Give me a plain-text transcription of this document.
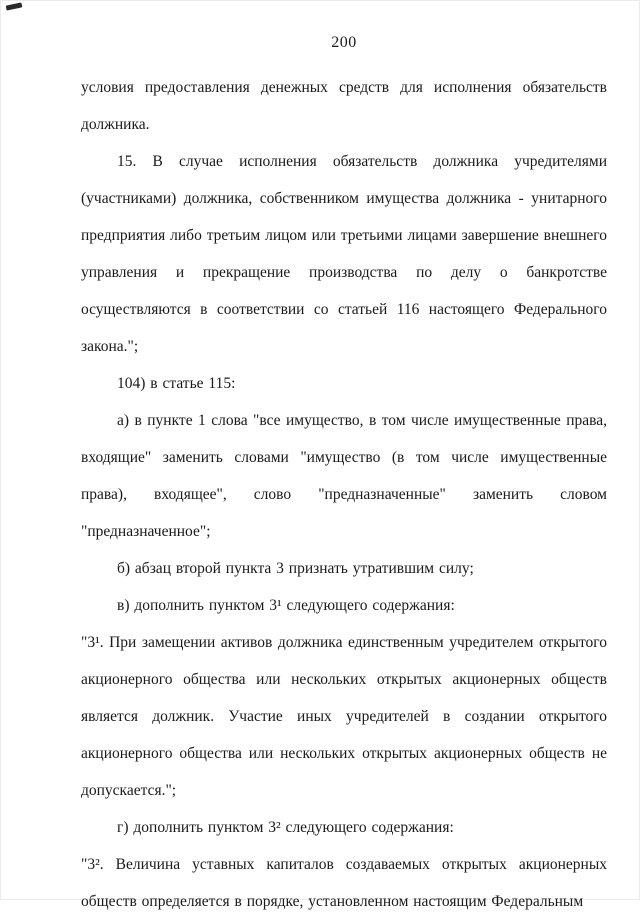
200

условия предоставления денежных средств для исполнения обязательств должника.

15. В случае исполнения обязательств должника учредителями (участниками) должника, собственником имущества должника - унитарного предприятия либо третьим лицом или третьими лицами завершение внешнего управления и прекращение производства по делу о банкротстве осуществляются в соответствии со статьей 116 настоящего Федерального закона.";

104) в статье 115:

а) в пункте 1 слова "все имущество, в том числе имущественные права, входящие" заменить словами "имущество (в том числе имущественные права), входящее", слово "предназначенные" заменить словом "предназначенное";

б) абзац второй пункта 3 признать утратившим силу;

в) дополнить пунктом 3¹ следующего содержания:

"3¹. При замещении активов должника единственным учредителем открытого акционерного общества или нескольких открытых акционерных обществ является должник. Участие иных учредителей в создании открытого акционерного общества или нескольких открытых акционерных обществ не допускается.";

г) дополнить пунктом 3² следующего содержания:

"3². Величина уставных капиталов создаваемых открытых акционерных обществ определяется в порядке, установленном настоящим Федеральным
